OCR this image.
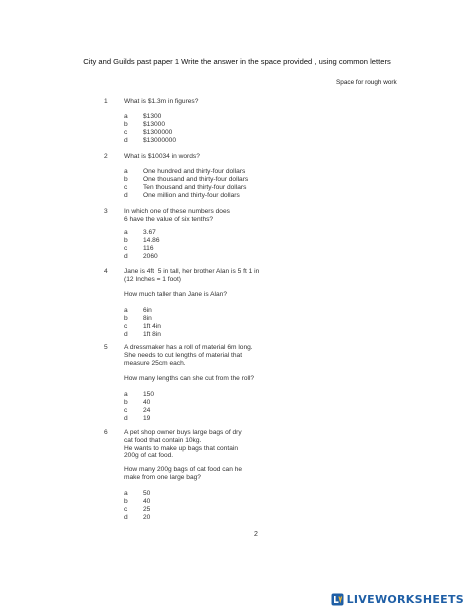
City and Guilds past paper 1 Write the answer in the space provided , using common letters
Space for rough work
1 What is $1.3m in figures?
a $1300
b $13000
c $1300000
d $13000000
2 What is $10034 in words?
a One hundred and thirty-four dollars
b One thousand and thirty-four dollars
c Ten thousand and thirty-four dollars
d One million and thirty-four dollars
3 In which one of these numbers does
6 have the value of six tenths?
a 3.67
b 14.86
c 116
d 2060
4 Jane is 4ft  5 in tall, her brother Alan is 5 ft 1 in
(12 Inches = 1 foot)
How much taller than Jane is Alan?
a 6in
b 8in
c 1ft 4in
d 1ft 8in
5 A dressmaker has a roll of material 6m long.
She needs to cut lengths of material that
measure 25cm each.
How many lengths can she cut from the roll?
a 150
b 40
c 24
d 19
6 A pet shop owner buys large bags of dry
cat food that contain 10kg.
He wants to make up bags that contain
200g of cat food.
How many 200g bags of cat food can he
make from one large bag?
a 50
b 40
c 25
d 20
2
LIVEWORKSHEETS
